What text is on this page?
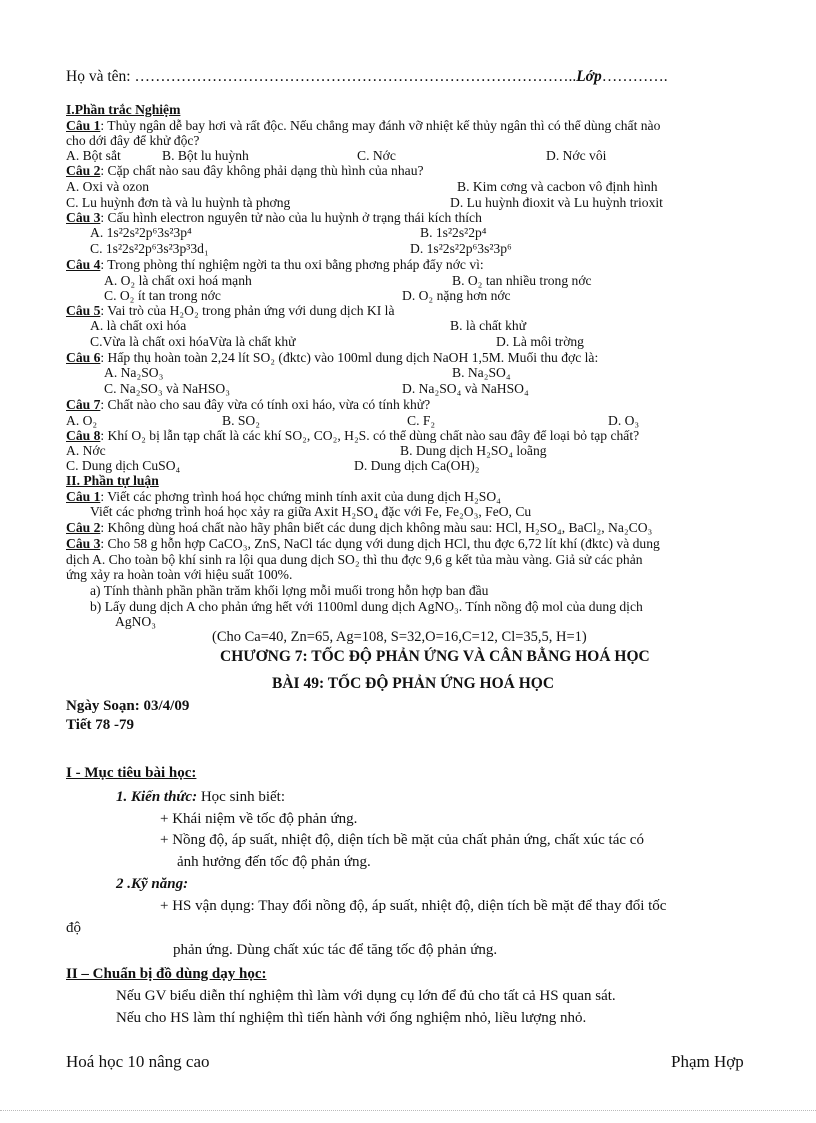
Họ và tên: …………………………………………………………………………..Lớp………….
I.Phần trắc Nghiệm
Câu 1: Thủy ngân dễ bay hơi và rất độc. Nếu chẳng may đánh vỡ nhiệt kế thủy ngân thì có thể dùng chất nào
cho dới đây để khử độc?
A. Bột sắt	B. Bột lu huỳnh	C. Nớc	D. Nớc vôi
Câu 2: Cặp chất nào sau đây không phải dạng thù hình của nhau?
A. Oxi và ozon	B. Kim cơng và cacbon vô định hình
C. Lu huỳnh đơn tà và lu huỳnh tà phơng	D. Lu huỳnh đioxit và Lu huỳnh trioxit
Câu 3: Cấu hình electron nguyên tử nào của lu huỳnh ở trạng thái kích thích
A. 1s²2s²2p⁶3s²3p⁴	B. 1s²2s²2p⁴
C. 1s²2s²2p⁶3s²3p³3d₁	D. 1s²2s²2p⁶3s²3p⁶
Câu 4: Trong phòng thí nghiệm ngời ta thu oxi bằng phơng pháp đẩy nớc vì:
A. O₂ là chất oxi hoá mạnh	B. O₂ tan nhiều trong nớc
C. O₂ ít tan trong nớc	D. O₂ nặng hơn nớc
Câu 5: Vai trò của H₂O₂ trong phản ứng với dung dịch KI là
A. là chất oxi hóa	B. là chất khử
C.Vừa là chất oxi hóaVừa là chất khử	D. Là môi trờng
Câu 6: Hấp thụ hoàn toàn 2,24 lít SO₂ (đktc) vào 100ml dung dịch NaOH 1,5M. Muối thu đợc là:
A. Na₂SO₃	B. Na₂SO₄
C. Na₂SO₃ và NaHSO₃	D. Na₂SO₄ và NaHSO₄
Câu 7: Chất nào cho sau đây vừa có tính oxi háo, vừa có tính khử?
A. O₂	B. SO₂	C. F₂	D. O₃
Câu 8: Khí O₂ bị lẫn tạp chất là các khí SO₂, CO₂, H₂S. có thể dùng chất nào sau đây để loại bỏ tạp chất?
A. Nớc	B. Dung dịch H₂SO₄ loãng
C. Dung dịch CuSO₄	D. Dung dịch Ca(OH)₂
II. Phần tự luận
Câu 1: Viết các phơng trình hoá học chứng minh tính axit của dung dịch H₂SO₄
Viết các phơng trình hoá học xảy ra giữa Axit H₂SO₄ đặc với Fe, Fe₂O₃, FeO, Cu
Câu 2: Không dùng hoá chất nào hãy phân biết các dung dịch không màu sau: HCl, H₂SO₄, BaCl₂, Na₂CO₃
Câu 3: Cho 58 g hỗn hợp CaCO₃, ZnS, NaCl tác dụng với dung dịch HCl, thu đợc 6,72 lít khí (đktc) và dung
dịch A. Cho toàn bộ khí sinh ra lội qua dung dịch SO₂ thì thu đợc 9,6 g kết tủa màu vàng. Giả sử các phản
ứng xảy ra hoàn toàn với hiệu suất 100%.
a) Tính thành phần phần trăm khối lợng mỗi muối trong hỗn hợp ban đầu
b) Lấy dung dịch A cho phản ứng hết với 1100ml dung dịch AgNO₃. Tính nồng độ mol của dung dịch
AgNO₃
(Cho Ca=40, Zn=65, Ag=108, S=32,O=16,C=12, Cl=35,5, H=1)
CHƯƠNG 7: TỐC ĐỘ PHẢN ỨNG VÀ CÂN BẰNG HOÁ HỌC
BÀI 49: TỐC ĐỘ PHẢN ỨNG HOÁ HỌC
Ngày Soạn: 03/4/09
Tiết 78 -79
I - Mục tiêu bài học:
1. Kiến thức: Học sinh biết:
+ Khái niệm về tốc độ phản ứng.
+ Nồng độ, áp suất, nhiệt độ, diện tích bề mặt của chất phản ứng, chất xúc tác có
ảnh hưởng đến tốc độ phản ứng.
2 .Kỹ năng:
+ HS vận dụng: Thay đổi nồng độ, áp suất, nhiệt độ, diện tích bề mặt để thay đổi tốc
độ
phản ứng. Dùng chất xúc tác để tăng tốc độ phản ứng.
II – Chuẩn bị đồ dùng dạy học:
Nếu GV biểu diễn thí nghiệm thì làm với dụng cụ lớn để đủ cho tất cả HS quan sát.
Nếu cho HS làm thí nghiệm thì tiến hành với ống nghiệm nhỏ, liều lượng nhỏ.
Hoá học 10 nâng cao	Phạm Hợp
